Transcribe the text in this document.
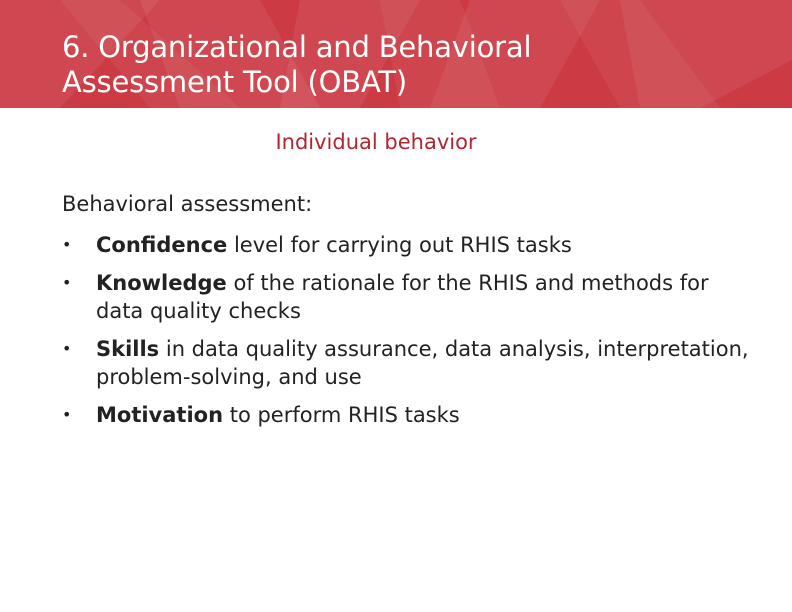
6. Organizational and Behavioral
Assessment Tool (OBAT)
Individual behavior

Behavioral assessment:

• Confidence level for carrying out RHIS tasks
• Knowledge of the rationale for the RHIS and methods for data quality checks
• Skills in data quality assurance, data analysis, interpretation, problem-solving, and use
• Motivation to perform RHIS tasks
